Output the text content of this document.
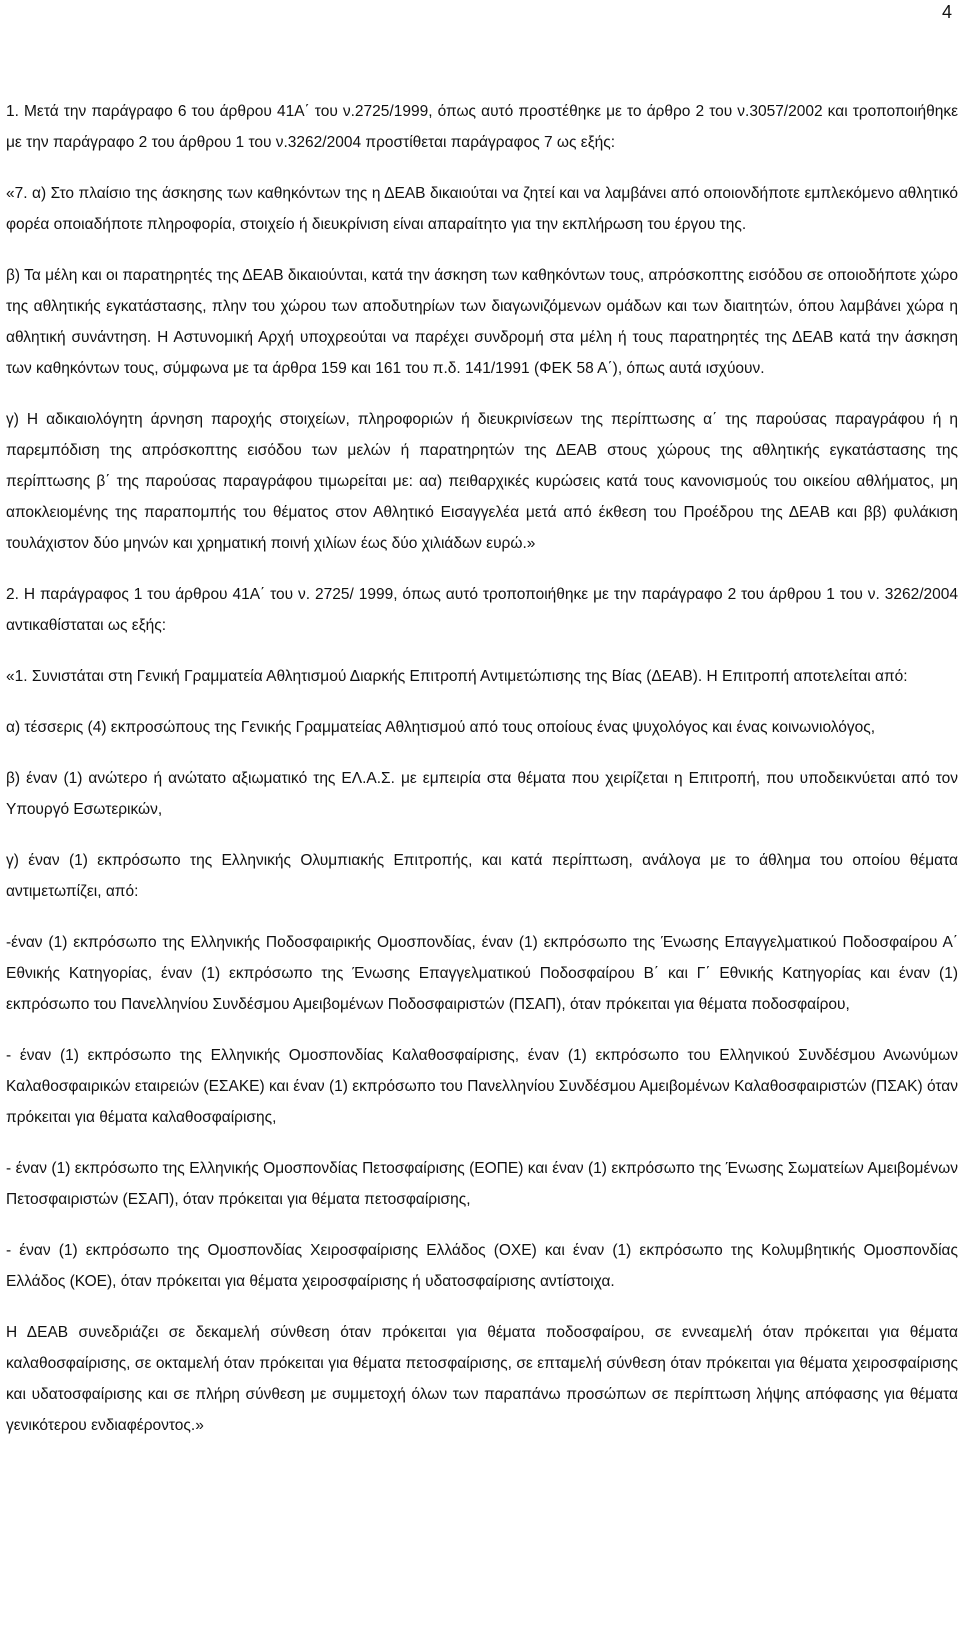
4

1. Μετά την παράγραφο 6 του άρθρου 41Α΄ του ν.2725/1999, όπως αυτό προστέθηκε με το άρθρο 2 του ν.3057/2002 και τροποποιήθηκε με την παράγραφο 2 του άρθρου 1 του ν.3262/2004 προστίθεται παράγραφος 7 ως εξής:

«7. α) Στο πλαίσιο της άσκησης των καθηκόντων της η ΔΕΑΒ δικαιούται να ζητεί και να λαμβάνει από οποιονδήποτε εμπλεκόμενο αθλητικό φορέα οποιαδήποτε πληροφορία, στοιχείο ή διευκρίνιση είναι απαραίτητο για την εκπλήρωση του έργου της.

β) Τα μέλη και οι παρατηρητές της ΔΕΑΒ δικαιούνται, κατά την άσκηση των καθηκόντων τους, απρόσκοπτης εισόδου σε οποιοδήποτε χώρο της αθλητικής εγκατάστασης, πλην του χώρου των αποδυτηρίων των διαγωνιζόμενων ομάδων και των διαιτητών, όπου λαμβάνει χώρα η αθλητική συνάντηση. Η Αστυνομική Αρχή υποχρεούται να παρέχει συνδρομή στα μέλη ή τους παρατηρητές της ΔΕΑΒ κατά την άσκηση των καθηκόντων τους, σύμφωνα με τα άρθρα 159 και 161 του π.δ. 141/1991 (ΦΕΚ 58 Α΄), όπως αυτά ισχύουν.

γ) Η αδικαιολόγητη άρνηση παροχής στοιχείων, πληροφοριών ή διευκρινίσεων της περίπτωσης α΄ της παρούσας παραγράφου ή η παρεμπόδιση της απρόσκοπτης εισόδου των μελών ή παρατηρητών της ΔΕΑΒ στους χώρους της αθλητικής εγκατάστασης της περίπτωσης β΄ της παρούσας παραγράφου τιμωρείται με: αα) πειθαρχικές κυρώσεις κατά τους κανονισμούς του οικείου αθλήματος, μη αποκλειομένης της παραπομπής του θέματος στον Αθλητικό Εισαγγελέα μετά από έκθεση του Προέδρου της ΔΕΑΒ και ββ) φυλάκιση τουλάχιστον δύο μηνών και χρηματική ποινή χιλίων έως δύο χιλιάδων ευρώ.»

2. Η παράγραφος 1 του άρθρου 41Α΄ του ν. 2725/ 1999, όπως αυτό τροποποιήθηκε με την παράγραφο 2 του άρθρου 1 του ν. 3262/2004 αντικαθίσταται ως εξής:

«1. Συνιστάται στη Γενική Γραμματεία Αθλητισμού Διαρκής Επιτροπή Αντιμετώπισης της Βίας (ΔΕΑΒ). Η Επιτροπή αποτελείται από:

α) τέσσερις (4) εκπροσώπους της Γενικής Γραμματείας Αθλητισμού από τους οποίους ένας ψυχολόγος και ένας κοινωνιολόγος,

β) έναν (1) ανώτερο ή ανώτατο αξιωματικό της ΕΛ.Α.Σ. με εμπειρία στα θέματα που χειρίζεται η Επιτροπή, που υποδεικνύεται από τον Υπουργό Εσωτερικών,

γ) έναν (1) εκπρόσωπο της Ελληνικής Ολυμπιακής Επιτροπής, και κατά περίπτωση, ανάλογα με το άθλημα του οποίου θέματα αντιμετωπίζει, από:

-έναν (1) εκπρόσωπο της Ελληνικής Ποδοσφαιρικής Ομοσπονδίας, έναν (1) εκπρόσωπο της Ένωσης Επαγγελματικού Ποδοσφαίρου Α΄ Εθνικής Κατηγορίας, έναν (1) εκπρόσωπο της Ένωσης Επαγγελματικού Ποδοσφαίρου Β΄ και Γ΄ Εθνικής Κατηγορίας και έναν (1) εκπρόσωπο του Πανελληνίου Συνδέσμου Αμειβομένων Ποδοσφαιριστών (ΠΣΑΠ), όταν πρόκειται για θέματα ποδοσφαίρου,

- έναν (1) εκπρόσωπο της Ελληνικής Ομοσπονδίας Καλαθοσφαίρισης, έναν (1) εκπρόσωπο του Ελληνικού Συνδέσμου Ανωνύμων Καλαθοσφαιρικών εταιρειών (ΕΣΑΚΕ) και έναν (1) εκπρόσωπο του Πανελληνίου Συνδέσμου Αμειβομένων Καλαθοσφαιριστών (ΠΣΑΚ) όταν πρόκειται για θέματα καλαθοσφαίρισης,

- έναν (1) εκπρόσωπο της Ελληνικής Ομοσπονδίας Πετοσφαίρισης (ΕΟΠΕ) και έναν (1) εκπρόσωπο της Ένωσης Σωματείων Αμειβομένων Πετοσφαιριστών (ΕΣΑΠ), όταν πρόκειται για θέματα πετοσφαίρισης,

- έναν (1) εκπρόσωπο της Ομοσπονδίας Χειροσφαίρισης Ελλάδος (ΟΧΕ) και έναν (1) εκπρόσωπο της Κολυμβητικής Ομοσπονδίας Ελλάδος (ΚΟΕ), όταν πρόκειται για θέματα χειροσφαίρισης ή υδατοσφαίρισης αντίστοιχα.

Η ΔΕΑΒ συνεδριάζει σε δεκαμελή σύνθεση όταν πρόκειται για θέματα ποδοσφαίρου, σε εννεαμελή όταν πρόκειται για θέματα καλαθοσφαίρισης, σε οκταμελή όταν πρόκειται για θέματα πετοσφαίρισης, σε επταμελή σύνθεση όταν πρόκειται για θέματα χειροσφαίρισης και υδατοσφαίρισης και σε πλήρη σύνθεση με συμμετοχή όλων των παραπάνω προσώπων σε περίπτωση λήψης απόφασης για θέματα γενικότερου ενδιαφέροντος.»
